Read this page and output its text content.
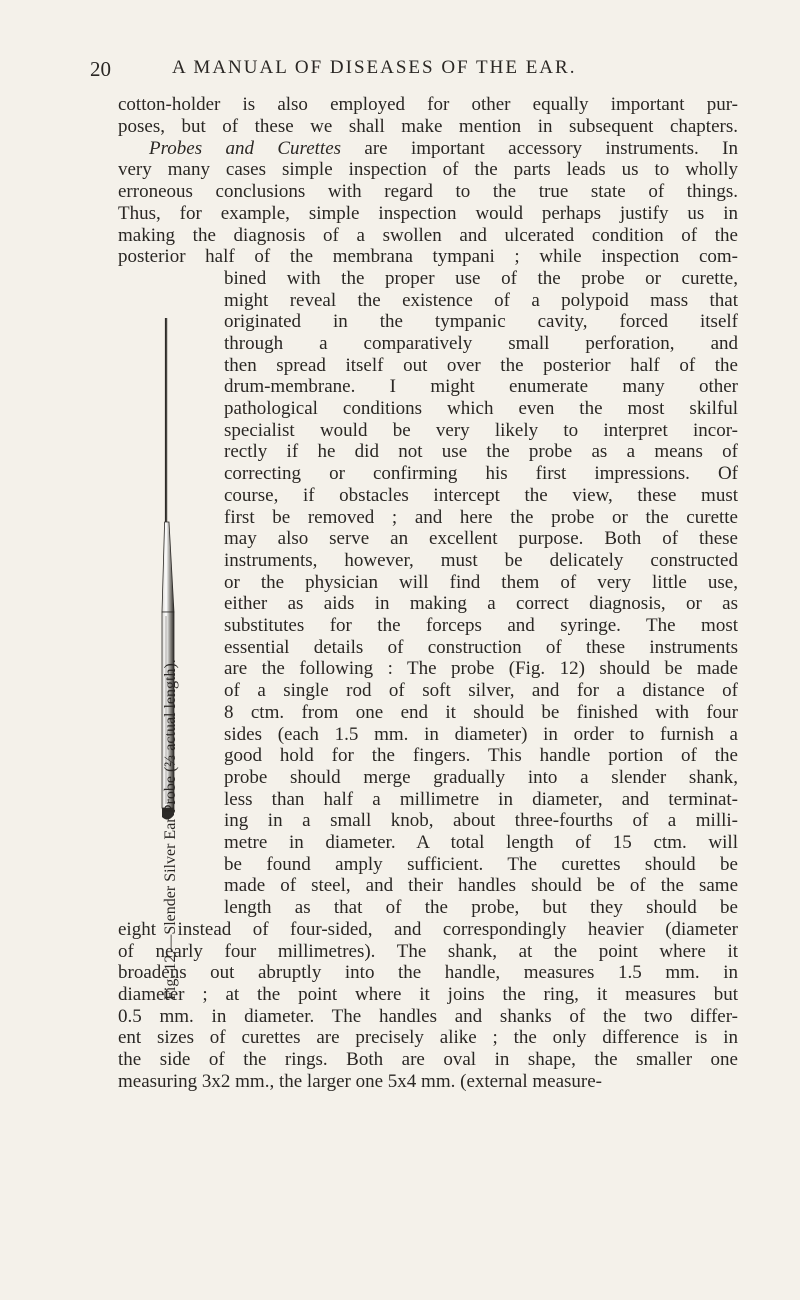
20	A MANUAL OF DISEASES OF THE EAR.
cotton-holder is also employed for other equally important pur-
poses, but of these we shall make mention in subsequent chapters.
Probes and Curettes are important accessory instruments. In
very many cases simple inspection of the parts leads us to wholly
erroneous conclusions with regard to the true state of things.
Thus, for example, simple inspection would perhaps justify us in
making the diagnosis of a swollen and ulcerated condition of the
posterior half of the membrana tympani ; while inspection com-
bined with the proper use of the probe or curette,
might reveal the existence of a polypoid mass that
originated in the tympanic cavity, forced itself
through a comparatively small perforation, and
then spread itself out over the posterior half of the
drum-membrane. I might enumerate many other
pathological conditions which even the most skilful
specialist would be very likely to interpret incor-
rectly if he did not use the probe as a means of
correcting or confirming his first impressions. Of
course, if obstacles intercept the view, these must
first be removed ; and here the probe or the curette
may also serve an excellent purpose. Both of these
instruments, however, must be delicately constructed
or the physician will find them of very little use,
either as aids in making a correct diagnosis, or as
substitutes for the forceps and syringe. The most
essential details of construction of these instruments
are the following : The probe (Fig. 12) should be made
of a single rod of soft silver, and for a distance of
8 ctm. from one end it should be finished with four
sides (each 1.5 mm. in diameter) in order to furnish a
good hold for the fingers. This handle portion of the
probe should merge gradually into a slender shank,
less than half a millimetre in diameter, and terminat-
ing in a small knob, about three-fourths of a milli-
metre in diameter. A total length of 15 ctm. will
be found amply sufficient. The curettes should be
made of steel, and their handles should be of the same
length as that of the probe, but they should be
eight instead of four-sided, and correspondingly heavier (diameter
of nearly four millimetres). The shank, at the point where it
broadens out abruptly into the handle, measures 1.5 mm. in
diameter ; at the point where it joins the ring, it measures but
0.5 mm. in diameter. The handles and shanks of the two differ-
ent sizes of curettes are precisely alike ; the only difference is in
the side of the rings. Both are oval in shape, the smaller one
measuring 3x2 mm., the larger one 5x4 mm. (external measure-
Fig. 12.—Slender Silver Ear Probe (⅔ actual length).
